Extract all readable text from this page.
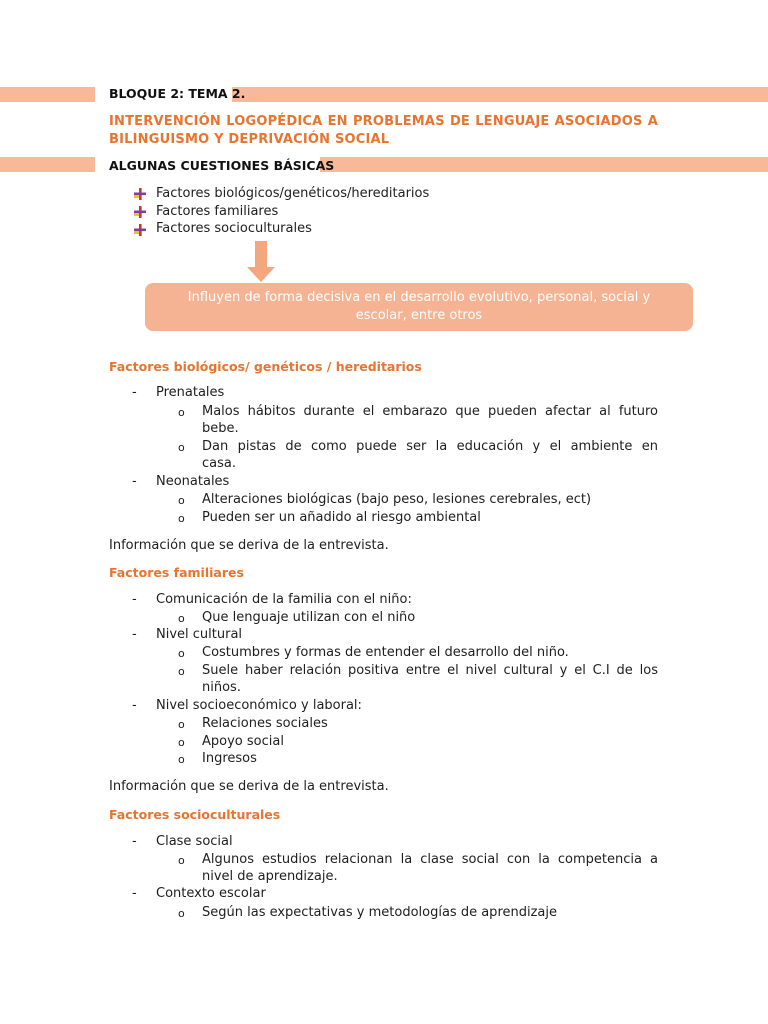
BLOQUE 2: TEMA 2.
INTERVENCIÓN LOGOPÉDICA EN PROBLEMAS DE LENGUAJE ASOCIADOS A
BILINGUISMO Y DEPRIVACIÓN SOCIAL
ALGUNAS CUESTIONES BÁSICAS
Factores biológicos/genéticos/hereditarios
Factores familiares
Factores socioculturales
Influyen de forma decisiva en el desarrollo evolutivo, personal, social y
escolar, entre otros
Factores biológicos/ genéticos / hereditarios
- Prenatales
o Malos hábitos durante el embarazo que pueden afectar al futuro
bebe.
o Dan pistas de como puede ser la educación y el ambiente en
casa.
- Neonatales
o Alteraciones biológicas (bajo peso, lesiones cerebrales, ect)
o Pueden ser un añadido al riesgo ambiental
Información que se deriva de la entrevista.
Factores familiares
- Comunicación de la familia con el niño:
o Que lenguaje utilizan con el niño
- Nivel cultural
o Costumbres y formas de entender el desarrollo del niño.
o Suele haber relación positiva entre el nivel cultural y el C.I de los
niños.
- Nivel socioeconómico y laboral:
o Relaciones sociales
o Apoyo social
o Ingresos
Información que se deriva de la entrevista.
Factores socioculturales
- Clase social
o Algunos estudios relacionan la clase social con la competencia a
nivel de aprendizaje.
- Contexto escolar
o Según las expectativas y metodologías de aprendizaje
